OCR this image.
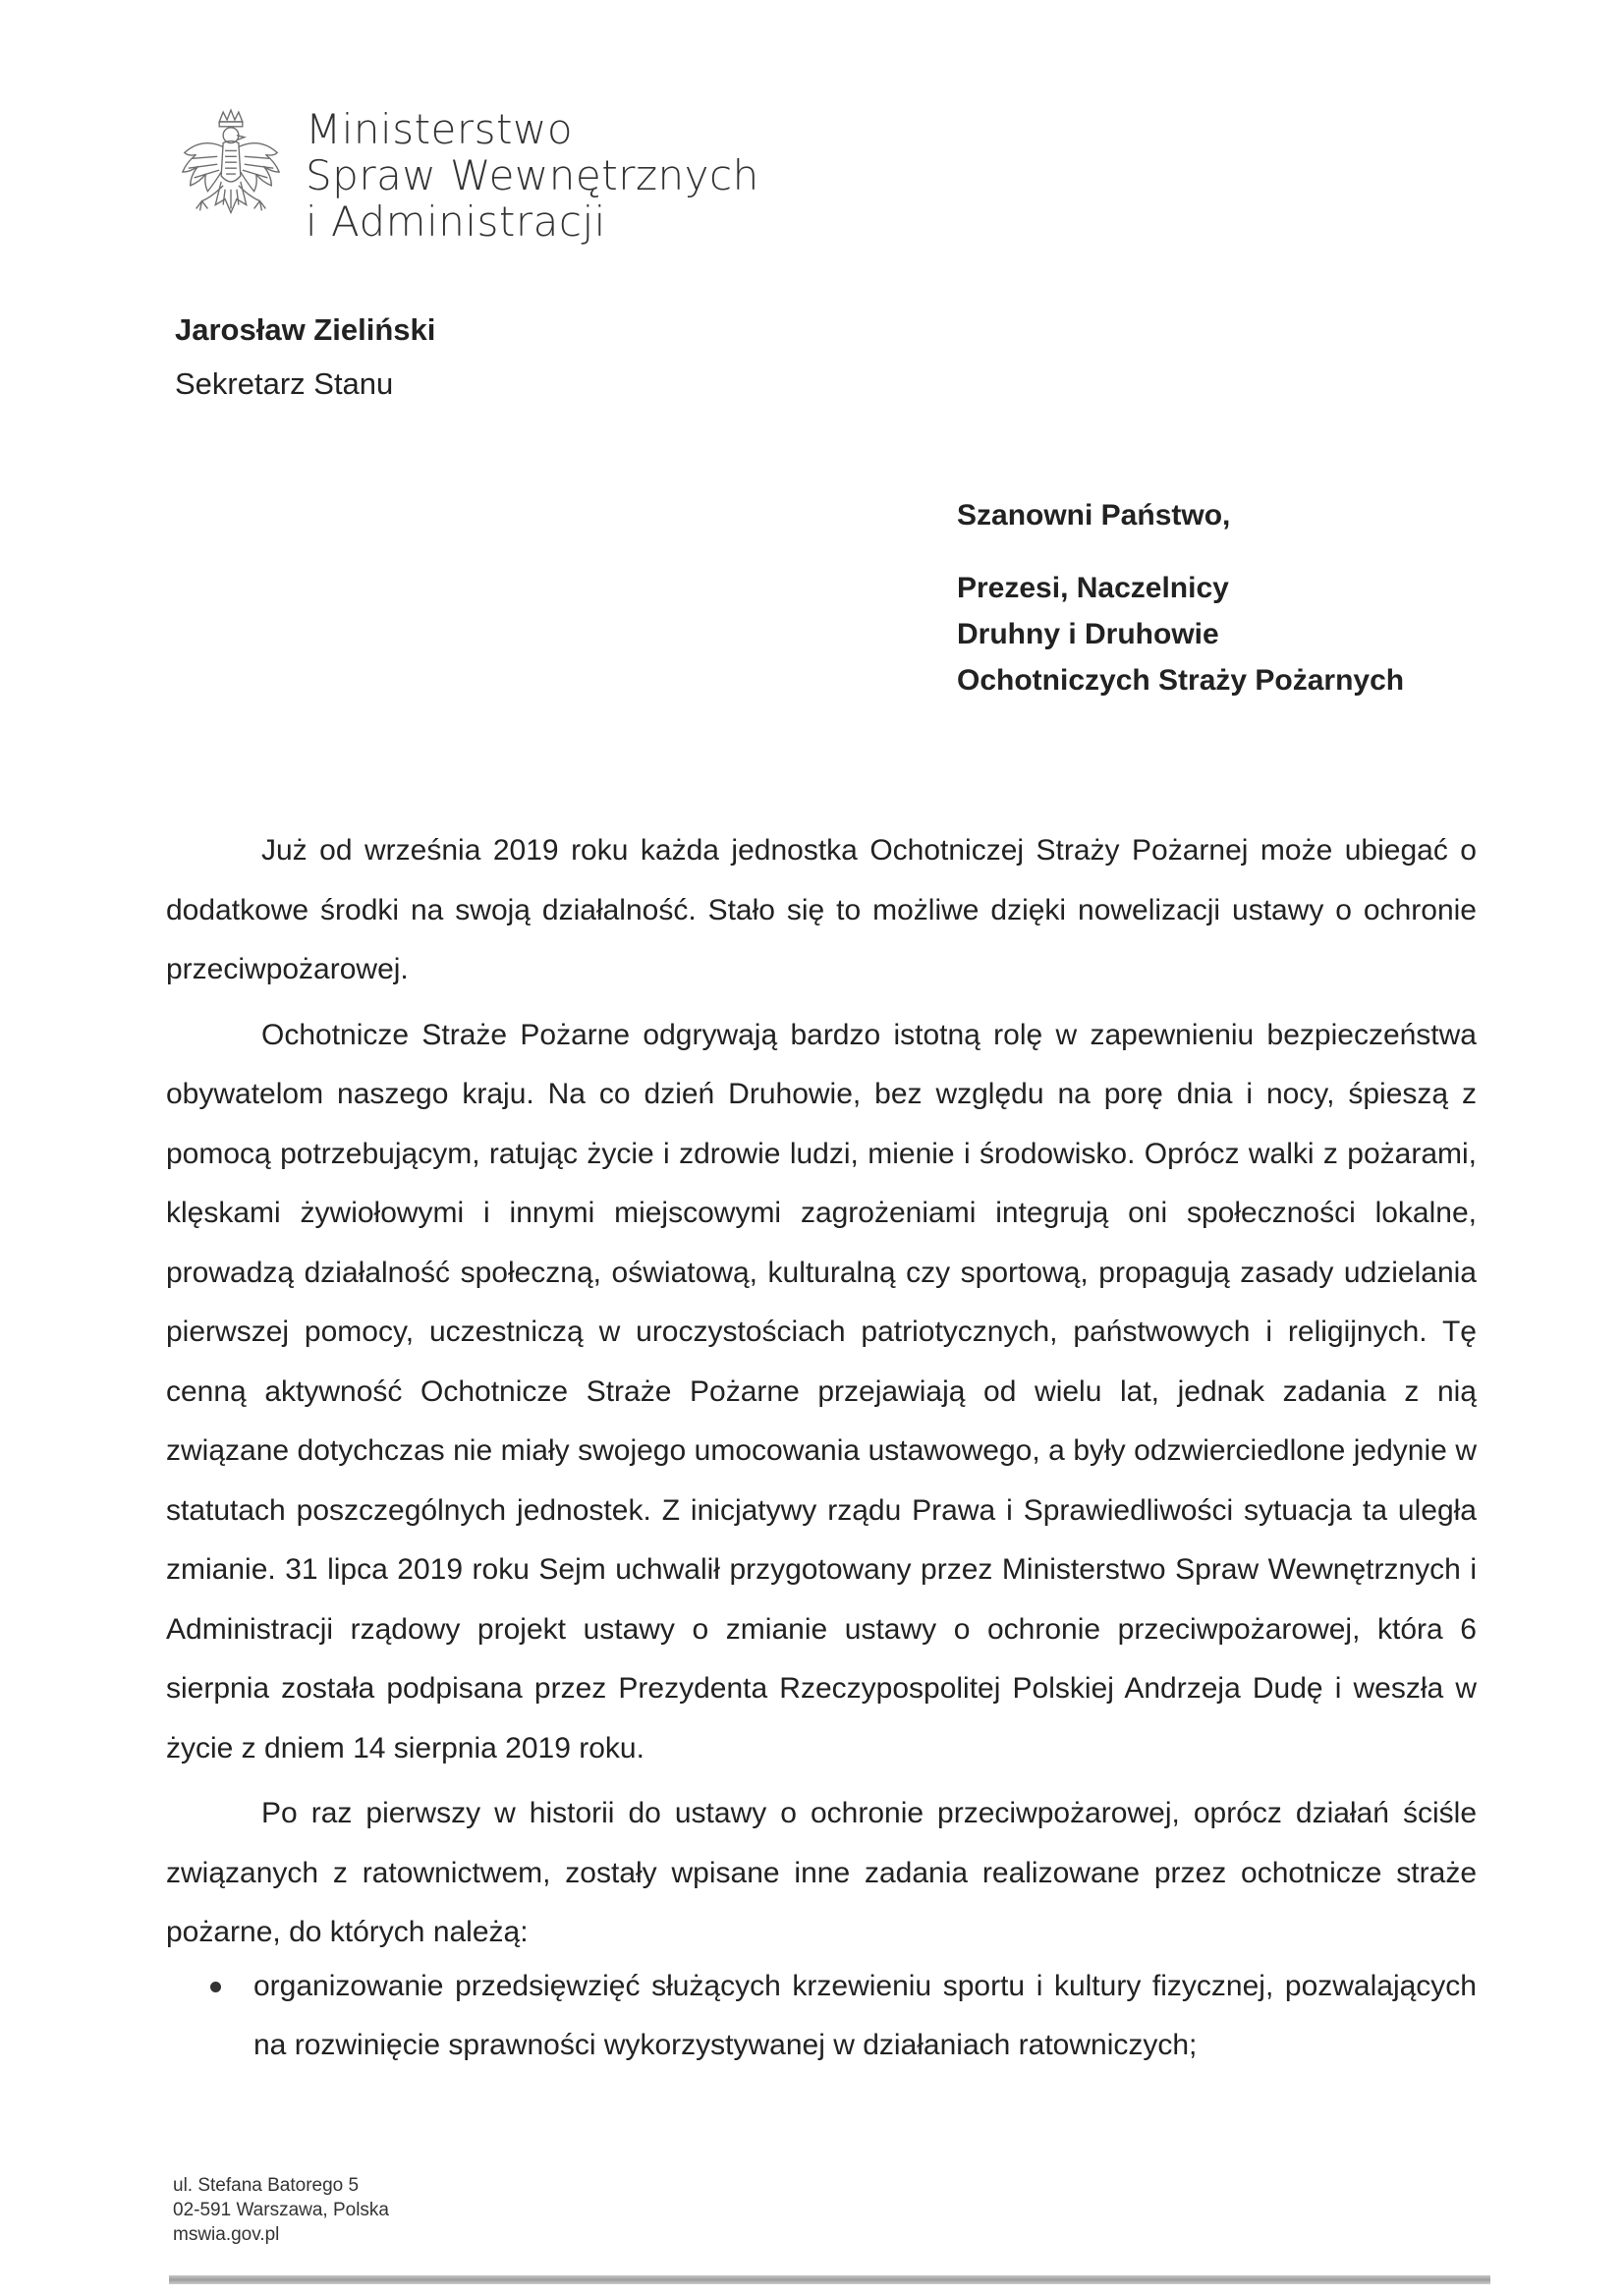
Ministerstwo
Spraw Wewnętrznych
i Administracji
Jarosław Zieliński
Sekretarz Stanu
Szanowni Państwo,
Prezesi, Naczelnicy
Druhny i Druhowie
Ochotniczych Straży Pożarnych

Już od września 2019 roku każda jednostka Ochotniczej Straży Pożarnej może ubiegać o dodatkowe środki na swoją działalność. Stało się to możliwe dzięki nowelizacji ustawy o ochronie przeciwpożarowej.

Ochotnicze Straże Pożarne odgrywają bardzo istotną rolę w zapewnieniu bezpieczeństwa obywatelom naszego kraju. Na co dzień Druhowie, bez względu na porę dnia i nocy, śpieszą z pomocą potrzebującym, ratując życie i zdrowie ludzi, mienie i środowisko. Oprócz walki z pożarami, klęskami żywiołowymi i innymi miejscowymi zagrożeniami integrują oni społeczności lokalne, prowadzą działalność społeczną, oświatową, kulturalną czy sportową, propagują zasady udzielania pierwszej pomocy, uczestniczą w uroczystościach patriotycznych, państwowych i religijnych. Tę cenną aktywność Ochotnicze Straże Pożarne przejawiają od wielu lat, jednak zadania z nią związane dotychczas nie miały swojego umocowania ustawowego, a były odzwierciedlone jedynie w statutach poszczególnych jednostek. Z inicjatywy rządu Prawa i Sprawiedliwości sytuacja ta uległa zmianie. 31 lipca 2019 roku Sejm uchwalił przygotowany przez Ministerstwo Spraw Wewnętrznych i Administracji rządowy projekt ustawy o zmianie ustawy o ochronie przeciwpożarowej, która 6 sierpnia została podpisana przez Prezydenta Rzeczypospolitej Polskiej Andrzeja Dudę i weszła w życie z dniem 14 sierpnia 2019 roku.

Po raz pierwszy w historii do ustawy o ochronie przeciwpożarowej, oprócz działań ściśle związanych z ratownictwem, zostały wpisane inne zadania realizowane przez ochotnicze straże pożarne, do których należą:

organizowanie przedsięwzięć służących krzewieniu sportu i kultury fizycznej, pozwalających na rozwinięcie sprawności wykorzystywanej w działaniach ratowniczych;
ul. Stefana Batorego 5
02-591 Warszawa, Polska
mswia.gov.pl
